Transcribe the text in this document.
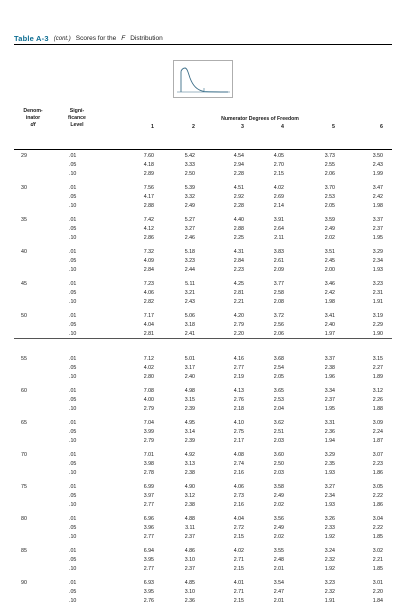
Table A-3 (cont.) Scores for the F Distribution
Denom-
inator
df
Signi-
ficance
Level
Numerator Degrees of Freedom
1	2	3	4	5	6
29	.01	7.60	5.42	4.54	4.05	3.73	3.50
.05	4.18	3.33	2.94	2.70	2.55	2.43
.10	2.89	2.50	2.28	2.15	2.06	1.99
30	.01	7.56	5.39	4.51	4.02	3.70	3.47
.05	4.17	3.32	2.92	2.69	2.53	2.42
.10	2.88	2.49	2.28	2.14	2.05	1.98
35	.01	7.42	5.27	4.40	3.91	3.59	3.37
.05	4.12	3.27	2.88	2.64	2.49	2.37
.10	2.86	2.46	2.25	2.11	2.02	1.95
40	.01	7.32	5.18	4.31	3.83	3.51	3.29
.05	4.09	3.23	2.84	2.61	2.45	2.34
.10	2.84	2.44	2.23	2.09	2.00	1.93
45	.01	7.23	5.11	4.25	3.77	3.46	3.23
.05	4.06	3.21	2.81	2.58	2.42	2.31
.10	2.82	2.43	2.21	2.08	1.98	1.91
50	.01	7.17	5.06	4.20	3.72	3.41	3.19
.05	4.04	3.18	2.79	2.56	2.40	2.29
.10	2.81	2.41	2.20	2.06	1.97	1.90
55	.01	7.12	5.01	4.16	3.68	3.37	3.15
.05	4.02	3.17	2.77	2.54	2.38	2.27
.10	2.80	2.40	2.19	2.05	1.96	1.89
60	.01	7.08	4.98	4.13	3.65	3.34	3.12
.05	4.00	3.15	2.76	2.53	2.37	2.26
.10	2.79	2.39	2.18	2.04	1.95	1.88
65	.01	7.04	4.95	4.10	3.62	3.31	3.09
.05	3.99	3.14	2.75	2.51	2.36	2.24
.10	2.79	2.39	2.17	2.03	1.94	1.87
70	.01	7.01	4.92	4.08	3.60	3.29	3.07
.05	3.98	3.13	2.74	2.50	2.35	2.23
.10	2.78	2.38	2.16	2.03	1.93	1.86
75	.01	6.99	4.90	4.06	3.58	3.27	3.05
.05	3.97	3.12	2.73	2.49	2.34	2.22
.10	2.77	2.38	2.16	2.02	1.93	1.86
80	.01	6.96	4.88	4.04	3.56	3.26	3.04
.05	3.96	3.11	2.72	2.49	2.33	2.22
.10	2.77	2.37	2.15	2.02	1.92	1.85
85	.01	6.94	4.86	4.02	3.55	3.24	3.02
.05	3.95	3.10	2.71	2.48	2.32	2.21
.10	2.77	2.37	2.15	2.01	1.92	1.85
90	.01	6.93	4.85	4.01	3.54	3.23	3.01
.05	3.95	3.10	2.71	2.47	2.32	2.20
.10	2.76	2.36	2.15	2.01	1.91	1.84
